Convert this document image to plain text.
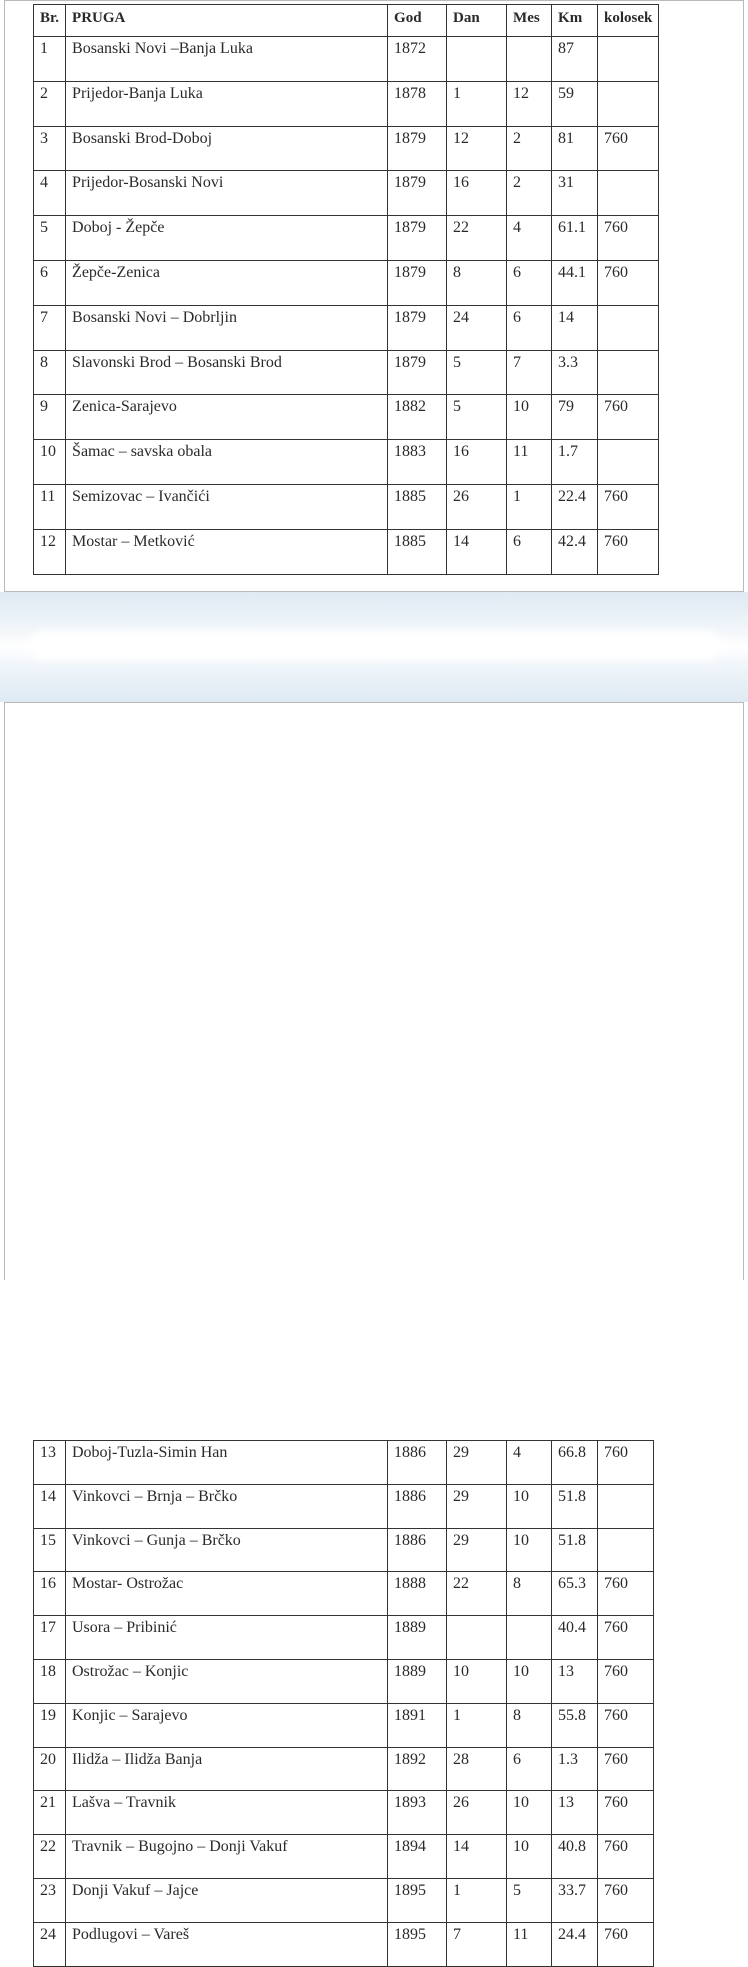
Br.	PRUGA	God	Dan	Mes	Km	kolosek
1	Bosanski Novi –Banja Luka	1872			87	
2	Prijedor-Banja Luka	1878	1	12	59	
3	Bosanski Brod-Doboj	1879	12	2	81	760
4	Prijedor-Bosanski Novi	1879	16	2	31	
5	Doboj - Žepče	1879	22	4	61.1	760
6	Žepče-Zenica	1879	8	6	44.1	760
7	Bosanski Novi – Dobrljin	1879	24	6	14	
8	Slavonski Brod – Bosanski Brod	1879	5	7	3.3	
9	Zenica-Sarajevo	1882	5	10	79	760
10	Šamac – savska obala	1883	16	11	1.7	
11	Semizovac – Ivančići	1885	26	1	22.4	760
12	Mostar – Metković	1885	14	6	42.4	760
13	Doboj-Tuzla-Simin Han	1886	29	4	66.8	760
14	Vinkovci – Brnja – Brčko	1886	29	10	51.8	
15	Vinkovci – Gunja – Brčko	1886	29	10	51.8	
16	Mostar- Ostrožac	1888	22	8	65.3	760
17	Usora – Pribinić	1889			40.4	760
18	Ostrožac – Konjic	1889	10	10	13	760
19	Konjic – Sarajevo	1891	1	8	55.8	760
20	Ilidža – Ilidža Banja	1892	28	6	1.3	760
21	Lašva – Travnik	1893	26	10	13	760
22	Travnik – Bugojno – Donji Vakuf	1894	14	10	40.8	760
23	Donji Vakuf – Jajce	1895	1	5	33.7	760
24	Podlugovi – Vareš	1895	7	11	24.4	760
